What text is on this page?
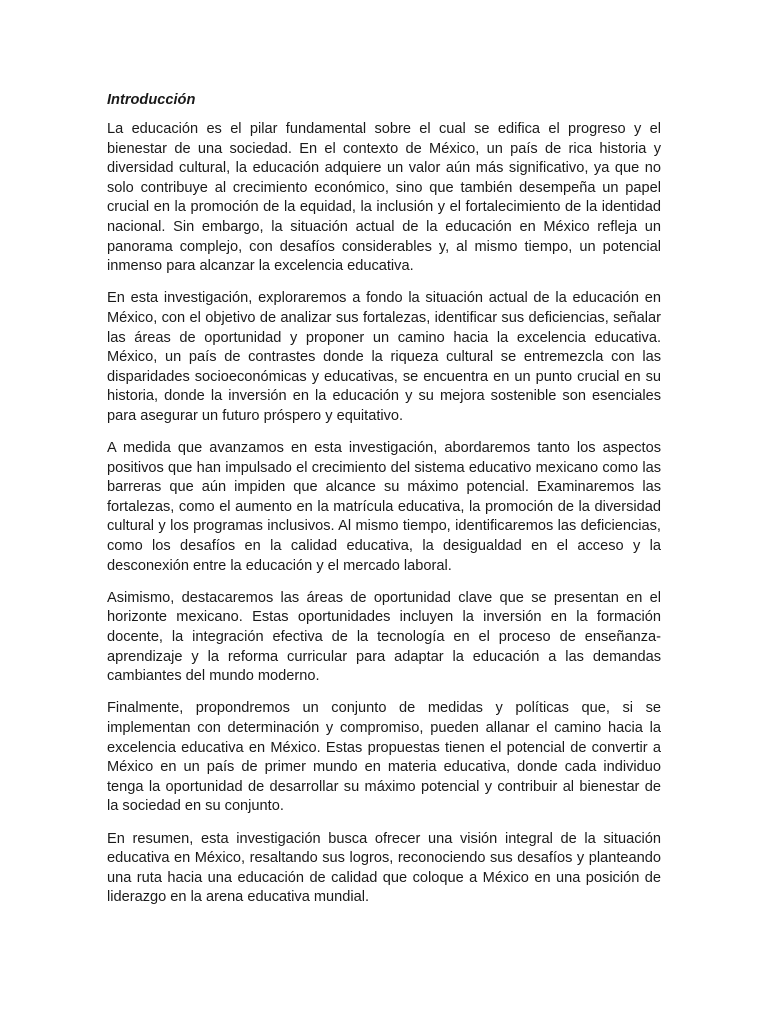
Introducción

La educación es el pilar fundamental sobre el cual se edifica el progreso y el bienestar de una sociedad. En el contexto de México, un país de rica historia y diversidad cultural, la educación adquiere un valor aún más significativo, ya que no solo contribuye al crecimiento económico, sino que también desempeña un papel crucial en la promoción de la equidad, la inclusión y el fortalecimiento de la identidad nacional. Sin embargo, la situación actual de la educación en México refleja un panorama complejo, con desafíos considerables y, al mismo tiempo, un potencial inmenso para alcanzar la excelencia educativa.

En esta investigación, exploraremos a fondo la situación actual de la educación en México, con el objetivo de analizar sus fortalezas, identificar sus deficiencias, señalar las áreas de oportunidad y proponer un camino hacia la excelencia educativa. México, un país de contrastes donde la riqueza cultural se entremezcla con las disparidades socioeconómicas y educativas, se encuentra en un punto crucial en su historia, donde la inversión en la educación y su mejora sostenible son esenciales para asegurar un futuro próspero y equitativo.

A medida que avanzamos en esta investigación, abordaremos tanto los aspectos positivos que han impulsado el crecimiento del sistema educativo mexicano como las barreras que aún impiden que alcance su máximo potencial. Examinaremos las fortalezas, como el aumento en la matrícula educativa, la promoción de la diversidad cultural y los programas inclusivos. Al mismo tiempo, identificaremos las deficiencias, como los desafíos en la calidad educativa, la desigualdad en el acceso y la desconexión entre la educación y el mercado laboral.

Asimismo, destacaremos las áreas de oportunidad clave que se presentan en el horizonte mexicano. Estas oportunidades incluyen la inversión en la formación docente, la integración efectiva de la tecnología en el proceso de enseñanza-aprendizaje y la reforma curricular para adaptar la educación a las demandas cambiantes del mundo moderno.

Finalmente, propondremos un conjunto de medidas y políticas que, si se implementan con determinación y compromiso, pueden allanar el camino hacia la excelencia educativa en México. Estas propuestas tienen el potencial de convertir a México en un país de primer mundo en materia educativa, donde cada individuo tenga la oportunidad de desarrollar su máximo potencial y contribuir al bienestar de la sociedad en su conjunto.

En resumen, esta investigación busca ofrecer una visión integral de la situación educativa en México, resaltando sus logros, reconociendo sus desafíos y planteando una ruta hacia una educación de calidad que coloque a México en una posición de liderazgo en la arena educativa mundial.
